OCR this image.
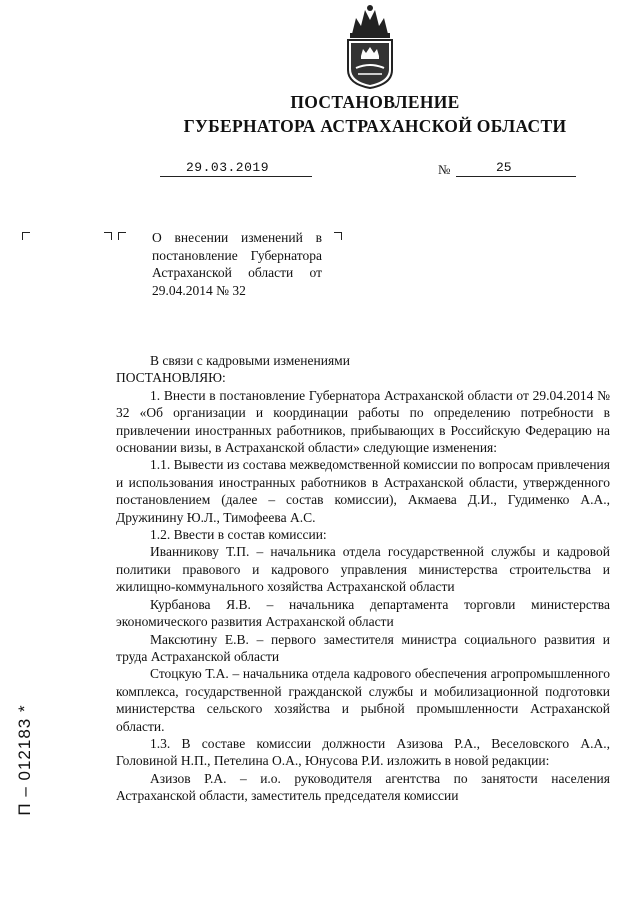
ПОСТАНОВЛЕНИЕ
ГУБЕРНАТОРА АСТРАХАНСКОЙ ОБЛАСТИ
29.03.2019	№	25
О внесении изменений в постановление Губернатора Астраханской области от 29.04.2014 № 32

В связи с кадровыми изменениями

ПОСТАНОВЛЯЮ:

1. Внести в постановление Губернатора Астраханской области от 29.04.2014 № 32 «Об организации и координации работы по определению потребности в привлечении иностранных работников, прибывающих в Российскую Федерацию на основании визы, в Астраханской области» следующие изменения:

1.1. Вывести из состава межведомственной комиссии по вопросам привлечения и использования иностранных работников в Астраханской области, утвержденного постановлением (далее – состав комиссии), Акмаева Д.И., Гудименко А.А., Дружинину Ю.Л., Тимофеева А.С.

1.2. Ввести в состав комиссии:

Иванникову Т.П. – начальника отдела государственной службы и кадровой политики правового и кадрового управления министерства строительства и жилищно-коммунального хозяйства Астраханской области

Курбанова Я.В. – начальника департамента торговли министерства экономического развития Астраханской области

Максютину Е.В. – первого заместителя министра социального развития и труда Астраханской области

Стоцкую Т.А. – начальника отдела кадрового обеспечения агропромышленного комплекса, государственной гражданской службы и мобилизационной подготовки министерства сельского хозяйства и рыбной промышленности Астраханской области.

1.3. В составе комиссии должности Азизова Р.А., Веселовского А.А., Головиной Н.П., Петелина О.А., Юнусова Р.И. изложить в новой редакции:

Азизов Р.А. – и.о. руководителя агентства по занятости населения Астраханской области, заместитель председателя комиссии

П – 012183 *
